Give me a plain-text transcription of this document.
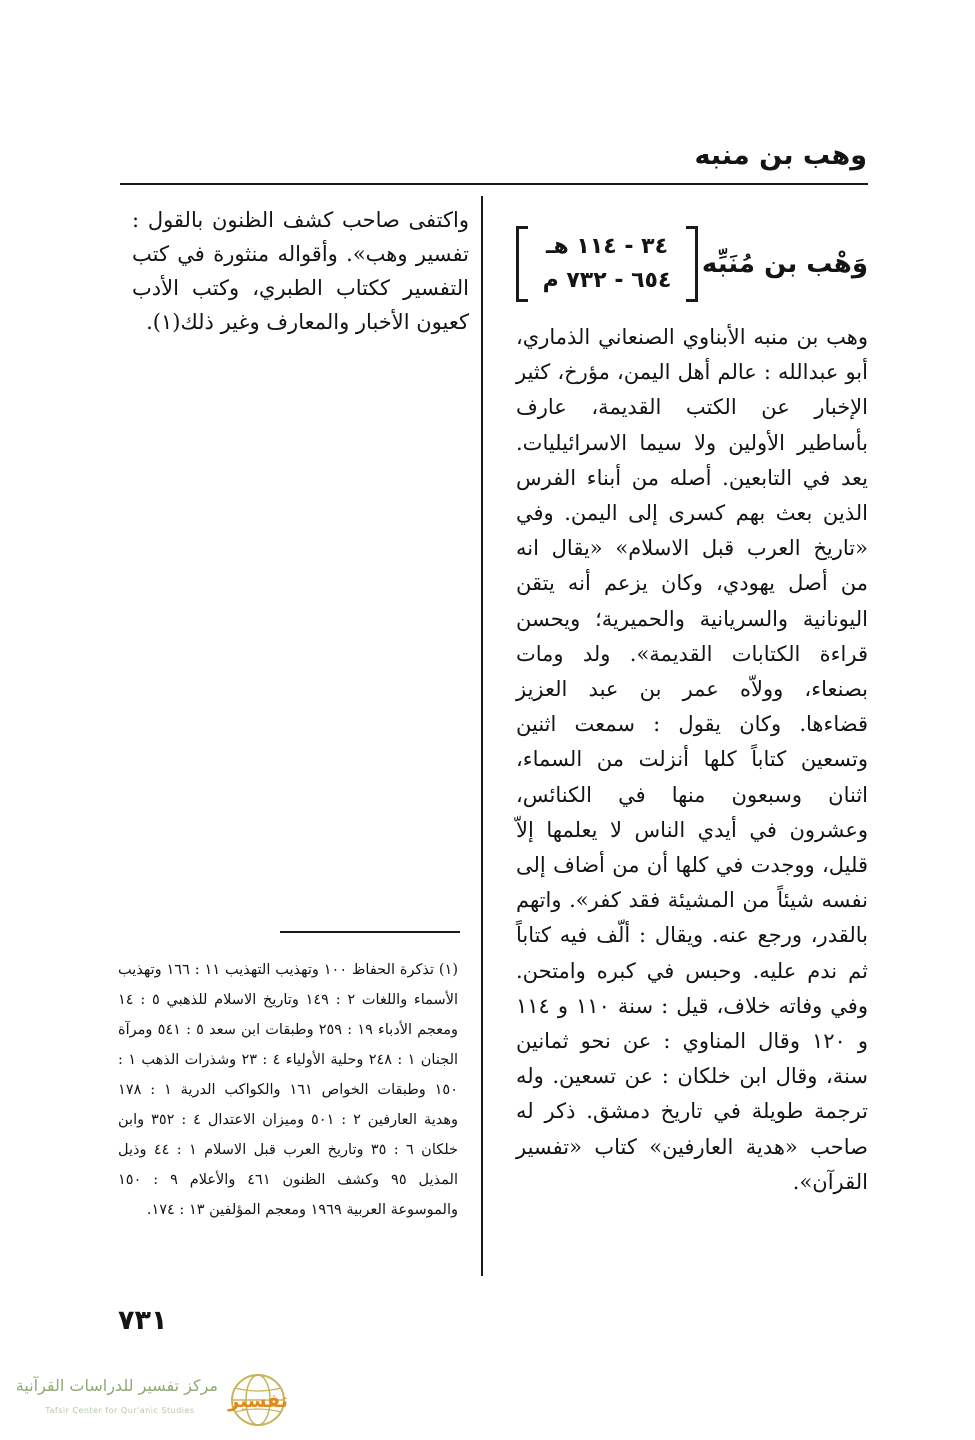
وهب بن منبه
وَهْب بن مُنَبِّه
٣٤ - ١١٤ هـ
٦٥٤ - ٧٣٢ م

وهب بن منبه الأبناوي الصنعاني الذماري، أبو عبدالله : عالم أهل اليمن، مؤرخ، كثير الإخبار عن الكتب القديمة، عارف بأساطير الأولين ولا سيما الاسرائيليات. يعد في التابعين. أصله من أبناء الفرس الذين بعث بهم كسرى إلى اليمن. وفي «تاريخ العرب قبل الاسلام» «يقال انه من أصل يهودي، وكان يزعم أنه يتقن اليونانية والسريانية والحميرية؛ ويحسن قراءة الكتابات القديمة». ولد ومات بصنعاء، وولاّه عمر بن عبد العزيز قضاءها. وكان يقول : سمعت اثنين وتسعين كتاباً كلها أنزلت من السماء، اثنان وسبعون منها في الكنائس، وعشرون في أيدي الناس لا يعلمها إلاّ قليل، ووجدت في كلها أن من أضاف إلى نفسه شيئاً من المشيئة فقد كفر». واتهم بالقدر، ورجع عنه. ويقال : ألّف فيه كتاباً ثم ندم عليه. وحبس في كبره وامتحن. وفي وفاته خلاف، قيل : سنة ١١٠ و ١١٤ و ١٢٠ وقال المناوي : عن نحو ثمانين سنة، وقال ابن خلكان : عن تسعين. وله ترجمة طويلة في تاريخ دمشق. ذكر له صاحب «هدية العارفين» كتاب «تفسير القرآن».

واكتفى صاحب كشف الظنون بالقول : تفسير وهب». وأقواله منثورة في كتب التفسير ككتاب الطبري، وكتب الأدب كعيون الأخبار والمعارف وغير ذلك(١).

(١) تذكرة الحفاظ ١٠٠ وتهذيب التهذيب ١١ : ١٦٦ وتهذيب الأسماء واللغات ٢ : ١٤٩ وتاريخ الاسلام للذهبي ٥ : ١٤ ومعجم الأدباء ١٩ : ٢٥٩ وطبقات ابن سعد ٥ : ٥٤١ ومرآة الجنان ١ : ٢٤٨ وحلية الأولياء ٤ : ٢٣ وشذرات الذهب ١ : ١٥٠ وطبقات الخواص ١٦١ والكواكب الدرية ١ : ١٧٨ وهدية العارفين ٢ : ٥٠١ وميزان الاعتدال ٤ : ٣٥٢ وابن خلكان ٦ : ٣٥ وتاريخ العرب قبل الاسلام ١ : ٤٤ وذيل المذيل ٩٥ وكشف الظنون ٤٦١ والأعلام ٩ : ١٥٠ والموسوعة العربية ١٩٦٩ ومعجم المؤلفين ١٣ : ١٧٤.

٧٣١
مركز تفسير للدراسات القرآنية
Tafsir Center for Qur'anic Studies	تفسير
